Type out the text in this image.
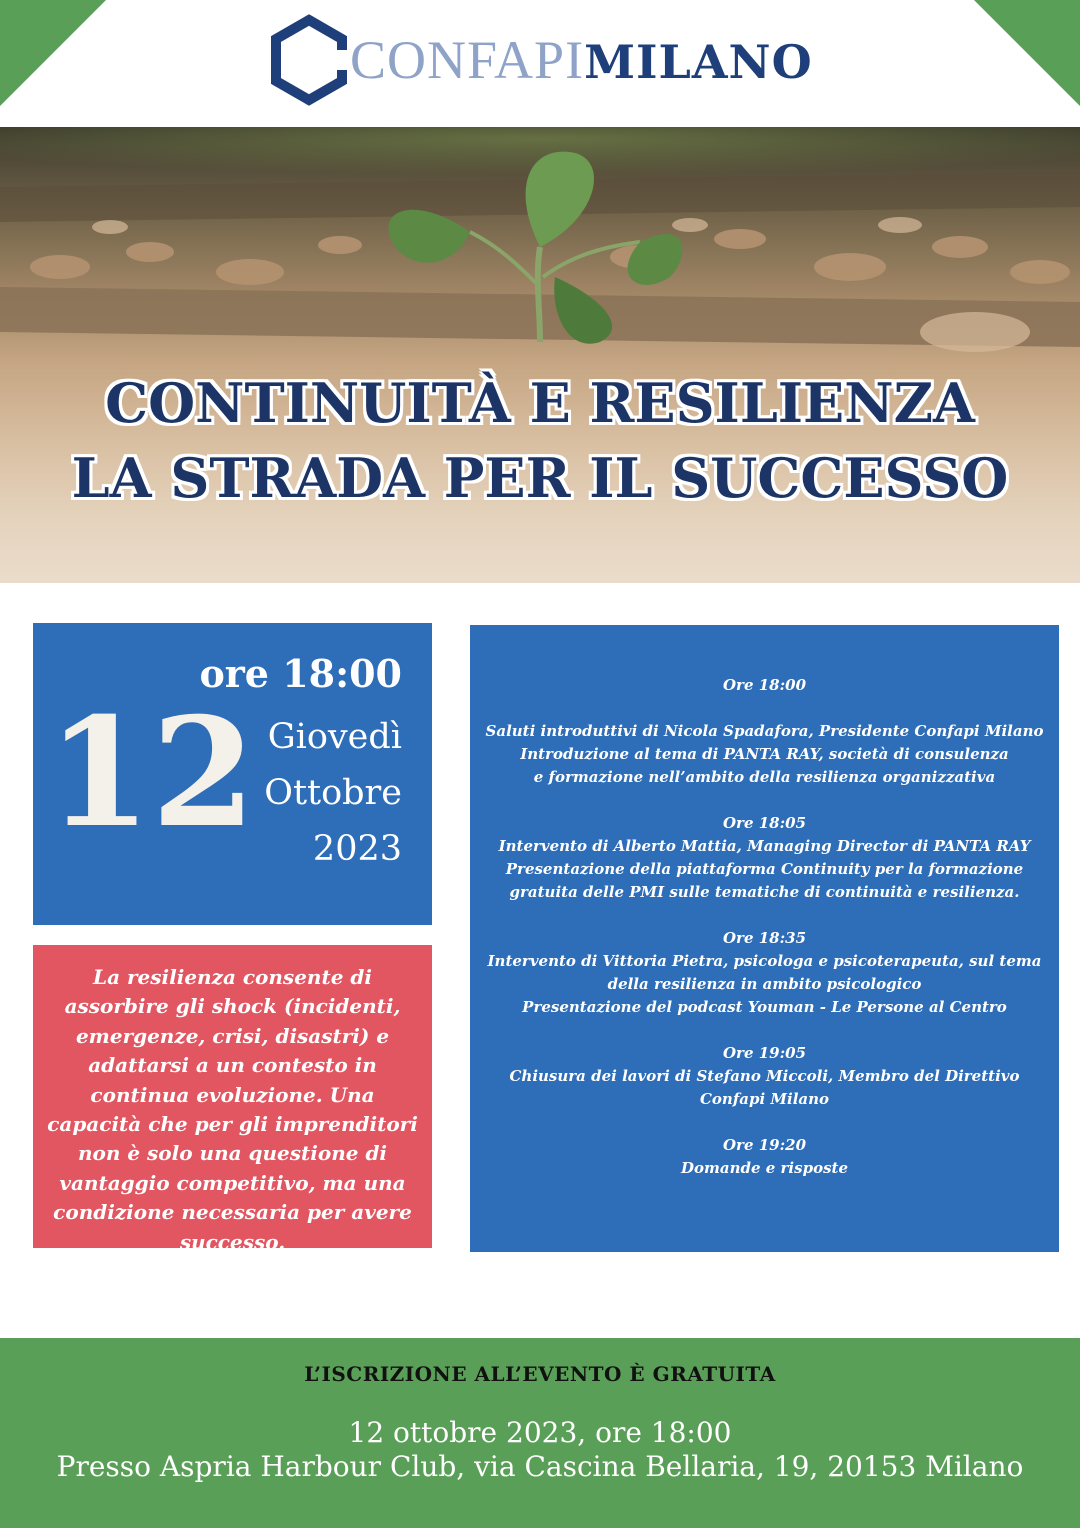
CONFAPIMILANO
CONTINUITÀ E RESILIENZA
LA STRADA PER IL SUCCESSO
ore 18:00
12 Giovedì
Ottobre
2023
La resilienza consente di assorbire gli shock (incidenti, emergenze, crisi, disastri) e adattarsi a un contesto in continua evoluzione. Una capacità che per gli imprenditori non è solo una questione di vantaggio competitivo, ma una condizione necessaria per avere successo.

Ore 18:00

Saluti introduttivi di Nicola Spadafora, Presidente Confapi Milano

Introduzione al tema di PANTA RAY, società di consulenza

e formazione nell’ambito della resilienza organizzativa

Ore 18:05

Intervento di Alberto Mattia, Managing Director di PANTA RAY

Presentazione della piattaforma Continuity per la formazione

gratuita delle PMI sulle tematiche di continuità e resilienza.

Ore 18:35

Intervento di Vittoria Pietra, psicologa e psicoterapeuta, sul tema

della resilienza in ambito psicologico

Presentazione del podcast Youman - Le Persone al Centro

Ore 19:05

Chiusura dei lavori di Stefano Miccoli, Membro del Direttivo

Confapi Milano

Ore 19:20

Domande e risposte

L’ISCRIZIONE ALL’EVENTO È GRATUITA
12 ottobre 2023, ore 18:00
Presso Aspria Harbour Club, via Cascina Bellaria, 19, 20153 Milano
